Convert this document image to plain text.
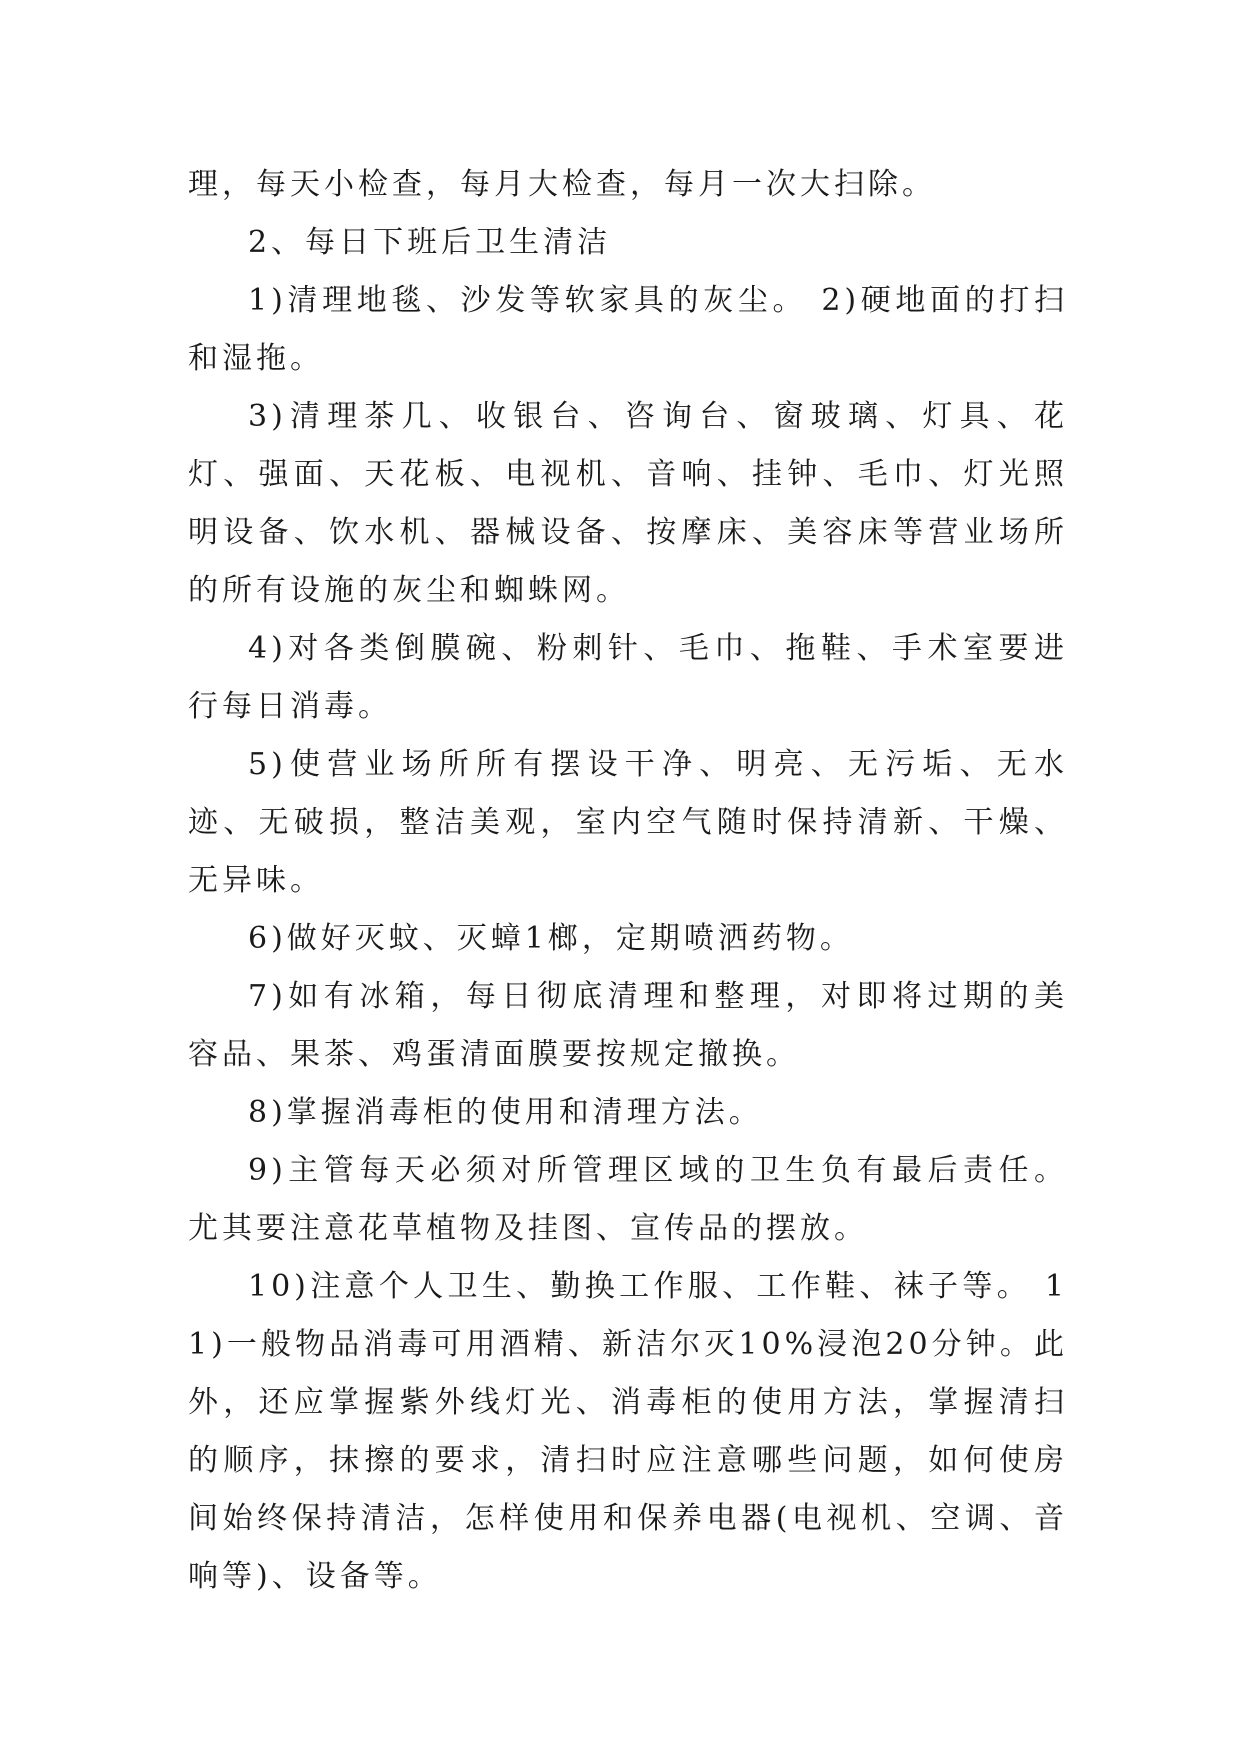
理，每天小检查，每月大检查，每月一次大扫除。

2、每日下班后卫生清洁

1)清理地毯、沙发等软家具的灰尘。 2)硬地面的打扫和湿拖。

3)清理茶几、收银台、咨询台、窗玻璃、灯具、花灯、强面、天花板、电视机、音响、挂钟、毛巾、灯光照明设备、饮水机、器械设备、按摩床、美容床等营业场所的所有设施的灰尘和蜘蛛网。

4)对各类倒膜碗、粉刺针、毛巾、拖鞋、手术室要进行每日消毒。

5)使营业场所所有摆设干净、明亮、无污垢、无水迹、无破损，整洁美观，室内空气随时保持清新、干燥、无异味。

6)做好灭蚊、灭蟑1榔，定期喷洒药物。

7)如有冰箱，每日彻底清理和整理，对即将过期的美容品、果茶、鸡蛋清面膜要按规定撤换。

8)掌握消毒柜的使用和清理方法。

9)主管每天必须对所管理区域的卫生负有最后责任。尤其要注意花草植物及挂图、宣传品的摆放。

10)注意个人卫生、勤换工作服、工作鞋、袜子等。 11)一般物品消毒可用酒精、新洁尔灭10%浸泡20分钟。此外，还应掌握紫外线灯光、消毒柜的使用方法，掌握清扫的顺序，抹擦的要求，清扫时应注意哪些问题，如何使房间始终保持清洁，怎样使用和保养电器(电视机、空调、音响等)、设备等。
